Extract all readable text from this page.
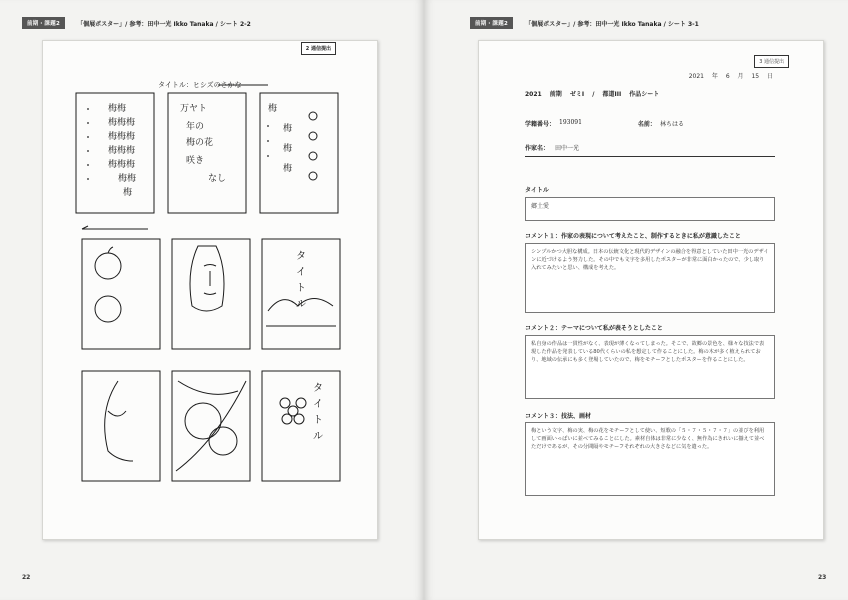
前期・課題2	「個展ポスター」/ 参考：田中一光 Ikko Tanaka / シート 2-2
2 通信提出
タイトル：ヒシズのさかな
梅梅
梅梅梅
梅梅梅
梅梅梅
梅梅梅
梅梅
梅
万ヤト
年の
梅の花
咲き
なし
梅
梅
梅
梅
タ
イ
ト
ル
タ
イ
ト
ル
22
前期・課題2	「個展ポスター」/ 参考：田中一光 Ikko Tanaka / シート 3-1
3 通信提出
2021 年 6 月 15 日
2021 前期 ゼミI / 都道III 作品シート
学籍番号： 193091	名前： 林ちはる
作家名： 田中一光
タイトル
郷土愛
コメント１：作家の表現について考えたこと、制作するときに私が意識したこと
シンプルかつ大胆な構成。日本の伝統文化と現代的デザインの融合を得意としていた田中一光のデザインに近づけるよう努力した。その中でも文字を多用したポスターが非常に面白かったので、少し取り入れてみたいと思い、構成を考えた。
コメント２：テーマについて私が表そうとしたこと
私自身の作品は一貫性がなく、表現が薄くなってしまった。そこで、故郷の景色を、様々な技法で表現した作品を発表している80代くらいの私を想定して作ることにした。梅の木が多く植えられており、地域の伝承にも多く登場していたので、梅をモチーフとしたポスターを作ることにした。
コメント３：技法、画材
梅という文字、梅の実、梅の花をモチーフとして使い、短歌の「５・７・５・７・７」の並びを利用して画面いっぱいに並べてみることにした。素材自体は非常に少なく、無作為にきれいに揃えて並べただけであるが、その分間隔やモチーフそれぞれの大きさなどに気を遣った。
23
